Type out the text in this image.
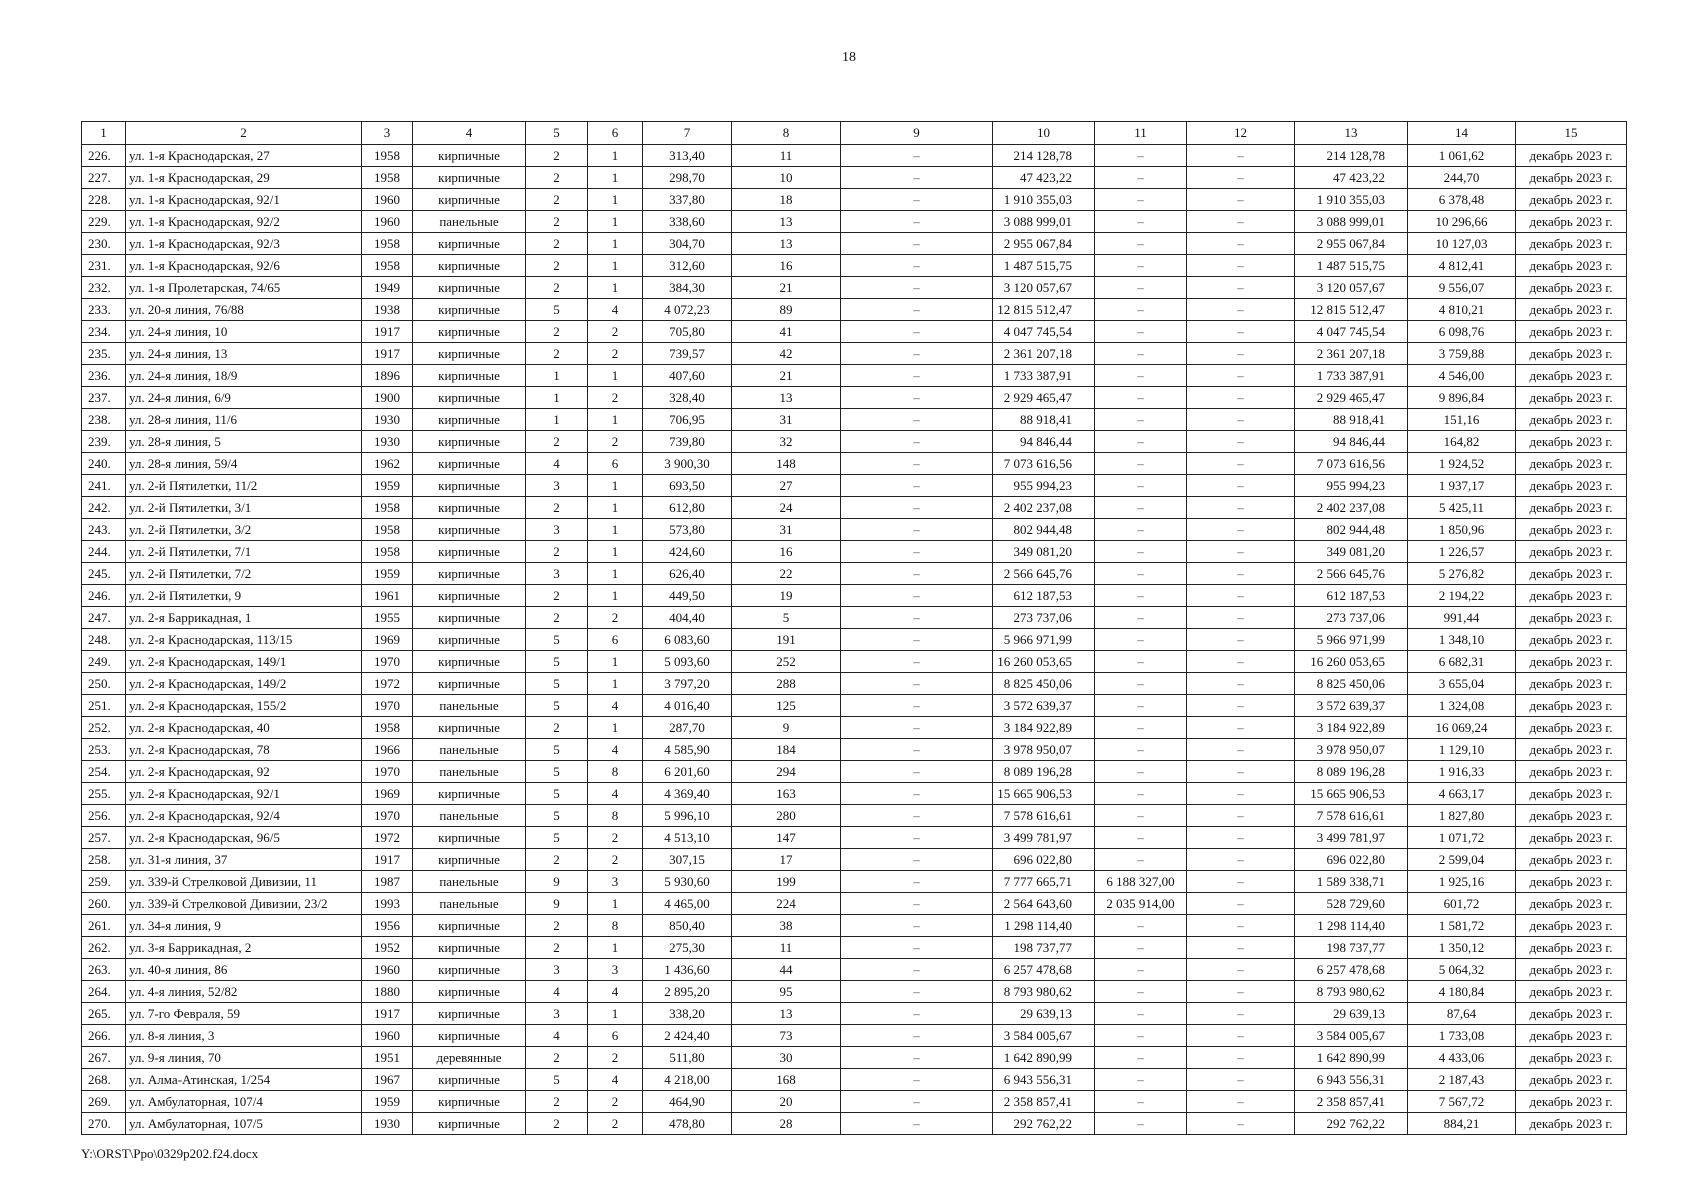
18
1	2	3	4	5	6	7	8	9	10	11	12	13	14	15
226.	ул. 1-я Краснодарская, 27	1958	кирпичные	2	1	313,40	11	–	214 128,78	–	–	214 128,78	1 061,62	декабрь 2023 г.
227.	ул. 1-я Краснодарская, 29	1958	кирпичные	2	1	298,70	10	–	47 423,22	–	–	47 423,22	244,70	декабрь 2023 г.
228.	ул. 1-я Краснодарская, 92/1	1960	кирпичные	2	1	337,80	18	–	1 910 355,03	–	–	1 910 355,03	6 378,48	декабрь 2023 г.
229.	ул. 1-я Краснодарская, 92/2	1960	панельные	2	1	338,60	13	–	3 088 999,01	–	–	3 088 999,01	10 296,66	декабрь 2023 г.
230.	ул. 1-я Краснодарская, 92/3	1958	кирпичные	2	1	304,70	13	–	2 955 067,84	–	–	2 955 067,84	10 127,03	декабрь 2023 г.
231.	ул. 1-я Краснодарская, 92/6	1958	кирпичные	2	1	312,60	16	–	1 487 515,75	–	–	1 487 515,75	4 812,41	декабрь 2023 г.
232.	ул. 1-я Пролетарская, 74/65	1949	кирпичные	2	1	384,30	21	–	3 120 057,67	–	–	3 120 057,67	9 556,07	декабрь 2023 г.
233.	ул. 20-я линия, 76/88	1938	кирпичные	5	4	4 072,23	89	–	12 815 512,47	–	–	12 815 512,47	4 810,21	декабрь 2023 г.
234.	ул. 24-я линия, 10	1917	кирпичные	2	2	705,80	41	–	4 047 745,54	–	–	4 047 745,54	6 098,76	декабрь 2023 г.
235.	ул. 24-я линия, 13	1917	кирпичные	2	2	739,57	42	–	2 361 207,18	–	–	2 361 207,18	3 759,88	декабрь 2023 г.
236.	ул. 24-я линия, 18/9	1896	кирпичные	1	1	407,60	21	–	1 733 387,91	–	–	1 733 387,91	4 546,00	декабрь 2023 г.
237.	ул. 24-я линия, 6/9	1900	кирпичные	1	2	328,40	13	–	2 929 465,47	–	–	2 929 465,47	9 896,84	декабрь 2023 г.
238.	ул. 28-я линия, 11/6	1930	кирпичные	1	1	706,95	31	–	88 918,41	–	–	88 918,41	151,16	декабрь 2023 г.
239.	ул. 28-я линия, 5	1930	кирпичные	2	2	739,80	32	–	94 846,44	–	–	94 846,44	164,82	декабрь 2023 г.
240.	ул. 28-я линия, 59/4	1962	кирпичные	4	6	3 900,30	148	–	7 073 616,56	–	–	7 073 616,56	1 924,52	декабрь 2023 г.
241.	ул. 2-й Пятилетки, 11/2	1959	кирпичные	3	1	693,50	27	–	955 994,23	–	–	955 994,23	1 937,17	декабрь 2023 г.
242.	ул. 2-й Пятилетки, 3/1	1958	кирпичные	2	1	612,80	24	–	2 402 237,08	–	–	2 402 237,08	5 425,11	декабрь 2023 г.
243.	ул. 2-й Пятилетки, 3/2	1958	кирпичные	3	1	573,80	31	–	802 944,48	–	–	802 944,48	1 850,96	декабрь 2023 г.
244.	ул. 2-й Пятилетки, 7/1	1958	кирпичные	2	1	424,60	16	–	349 081,20	–	–	349 081,20	1 226,57	декабрь 2023 г.
245.	ул. 2-й Пятилетки, 7/2	1959	кирпичные	3	1	626,40	22	–	2 566 645,76	–	–	2 566 645,76	5 276,82	декабрь 2023 г.
246.	ул. 2-й Пятилетки, 9	1961	кирпичные	2	1	449,50	19	–	612 187,53	–	–	612 187,53	2 194,22	декабрь 2023 г.
247.	ул. 2-я Баррикадная, 1	1955	кирпичные	2	2	404,40	5	–	273 737,06	–	–	273 737,06	991,44	декабрь 2023 г.
248.	ул. 2-я Краснодарская, 113/15	1969	кирпичные	5	6	6 083,60	191	–	5 966 971,99	–	–	5 966 971,99	1 348,10	декабрь 2023 г.
249.	ул. 2-я Краснодарская, 149/1	1970	кирпичные	5	1	5 093,60	252	–	16 260 053,65	–	–	16 260 053,65	6 682,31	декабрь 2023 г.
250.	ул. 2-я Краснодарская, 149/2	1972	кирпичные	5	1	3 797,20	288	–	8 825 450,06	–	–	8 825 450,06	3 655,04	декабрь 2023 г.
251.	ул. 2-я Краснодарская, 155/2	1970	панельные	5	4	4 016,40	125	–	3 572 639,37	–	–	3 572 639,37	1 324,08	декабрь 2023 г.
252.	ул. 2-я Краснодарская, 40	1958	кирпичные	2	1	287,70	9	–	3 184 922,89	–	–	3 184 922,89	16 069,24	декабрь 2023 г.
253.	ул. 2-я Краснодарская, 78	1966	панельные	5	4	4 585,90	184	–	3 978 950,07	–	–	3 978 950,07	1 129,10	декабрь 2023 г.
254.	ул. 2-я Краснодарская, 92	1970	панельные	5	8	6 201,60	294	–	8 089 196,28	–	–	8 089 196,28	1 916,33	декабрь 2023 г.
255.	ул. 2-я Краснодарская, 92/1	1969	кирпичные	5	4	4 369,40	163	–	15 665 906,53	–	–	15 665 906,53	4 663,17	декабрь 2023 г.
256.	ул. 2-я Краснодарская, 92/4	1970	панельные	5	8	5 996,10	280	–	7 578 616,61	–	–	7 578 616,61	1 827,80	декабрь 2023 г.
257.	ул. 2-я Краснодарская, 96/5	1972	кирпичные	5	2	4 513,10	147	–	3 499 781,97	–	–	3 499 781,97	1 071,72	декабрь 2023 г.
258.	ул. 31-я линия, 37	1917	кирпичные	2	2	307,15	17	–	696 022,80	–	–	696 022,80	2 599,04	декабрь 2023 г.
259.	ул. 339-й Стрелковой Дивизии, 11	1987	панельные	9	3	5 930,60	199	–	7 777 665,71	6 188 327,00	–	1 589 338,71	1 925,16	декабрь 2023 г.
260.	ул. 339-й Стрелковой Дивизии, 23/2	1993	панельные	9	1	4 465,00	224	–	2 564 643,60	2 035 914,00	–	528 729,60	601,72	декабрь 2023 г.
261.	ул. 34-я линия, 9	1956	кирпичные	2	8	850,40	38	–	1 298 114,40	–	–	1 298 114,40	1 581,72	декабрь 2023 г.
262.	ул. 3-я Баррикадная, 2	1952	кирпичные	2	1	275,30	11	–	198 737,77	–	–	198 737,77	1 350,12	декабрь 2023 г.
263.	ул. 40-я линия, 86	1960	кирпичные	3	3	1 436,60	44	–	6 257 478,68	–	–	6 257 478,68	5 064,32	декабрь 2023 г.
264.	ул. 4-я линия, 52/82	1880	кирпичные	4	4	2 895,20	95	–	8 793 980,62	–	–	8 793 980,62	4 180,84	декабрь 2023 г.
265.	ул. 7-го Февраля, 59	1917	кирпичные	3	1	338,20	13	–	29 639,13	–	–	29 639,13	87,64	декабрь 2023 г.
266.	ул. 8-я линия, 3	1960	кирпичные	4	6	2 424,40	73	–	3 584 005,67	–	–	3 584 005,67	1 733,08	декабрь 2023 г.
267.	ул. 9-я линия, 70	1951	деревянные	2	2	511,80	30	–	1 642 890,99	–	–	1 642 890,99	4 433,06	декабрь 2023 г.
268.	ул. Алма-Атинская, 1/254	1967	кирпичные	5	4	4 218,00	168	–	6 943 556,31	–	–	6 943 556,31	2 187,43	декабрь 2023 г.
269.	ул. Амбулаторная, 107/4	1959	кирпичные	2	2	464,90	20	–	2 358 857,41	–	–	2 358 857,41	7 567,72	декабрь 2023 г.
270.	ул. Амбулаторная, 107/5	1930	кирпичные	2	2	478,80	28	–	292 762,22	–	–	292 762,22	884,21	декабрь 2023 г.
Y:\ORST\Ppo\0329p202.f24.docx
